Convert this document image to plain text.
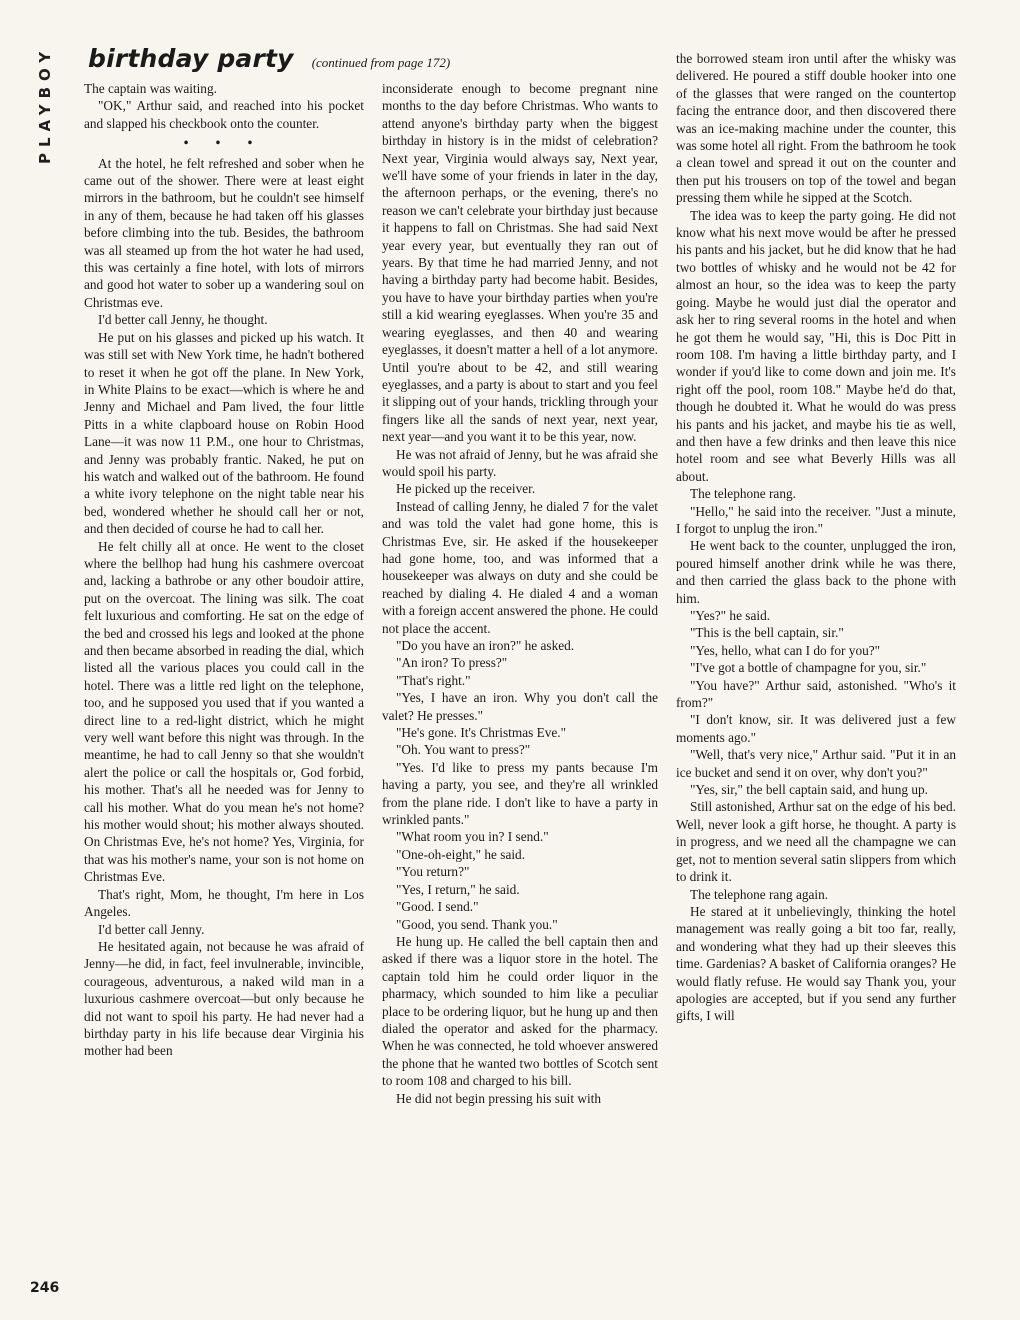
PLAYBOY birthday party (continued from page 172)

The captain was waiting.

"OK," Arthur said, and reached into his pocket and slapped his checkbook onto the counter.

• • •

At the hotel, he felt refreshed and sober when he came out of the shower. There were at least eight mirrors in the bathroom, but he couldn't see himself in any of them, because he had taken off his glasses before climbing into the tub. Besides, the bathroom was all steamed up from the hot water he had used, this was certainly a fine hotel, with lots of mirrors and good hot water to sober up a wandering soul on Christmas eve.

I'd better call Jenny, he thought.

He put on his glasses and picked up his watch. It was still set with New York time, he hadn't bothered to reset it when he got off the plane. In New York, in White Plains to be exact—which is where he and Jenny and Michael and Pam lived, the four little Pitts in a white clapboard house on Robin Hood Lane—it was now 11 P.M., one hour to Christmas, and Jenny was probably frantic. Naked, he put on his watch and walked out of the bathroom. He found a white ivory telephone on the night table near his bed, wondered whether he should call her or not, and then decided of course he had to call her.

He felt chilly all at once. He went to the closet where the bellhop had hung his cashmere overcoat and, lacking a bathrobe or any other boudoir attire, put on the overcoat. The lining was silk. The coat felt luxurious and comforting. He sat on the edge of the bed and crossed his legs and looked at the phone and then became absorbed in reading the dial, which listed all the various places you could call in the hotel. There was a little red light on the telephone, too, and he supposed you used that if you wanted a direct line to a red-light district, which he might very well want before this night was through. In the meantime, he had to call Jenny so that she wouldn't alert the police or call the hospitals or, God forbid, his mother. That's all he needed was for Jenny to call his mother. What do you mean he's not home? his mother would shout; his mother always shouted. On Christmas Eve, he's not home? Yes, Virginia, for that was his mother's name, your son is not home on Christmas Eve.

That's right, Mom, he thought, I'm here in Los Angeles.

I'd better call Jenny.

He hesitated again, not because he was afraid of Jenny—he did, in fact, feel invulnerable, invincible, courageous, adventurous, a naked wild man in a luxurious cashmere overcoat—but only because he did not want to spoil his party. He had never had a birthday party in his life because dear Virginia his mother had been

inconsiderate enough to become pregnant nine months to the day before Christmas. Who wants to attend anyone's birthday party when the biggest birthday in history is in the midst of celebration? Next year, Virginia would always say, Next year, we'll have some of your friends in later in the day, the afternoon perhaps, or the evening, there's no reason we can't celebrate your birthday just because it happens to fall on Christmas. She had said Next year every year, but eventually they ran out of years. By that time he had married Jenny, and not having a birthday party had become habit. Besides, you have to have your birthday parties when you're still a kid wearing eyeglasses. When you're 35 and wearing eyeglasses, and then 40 and wearing eyeglasses, it doesn't matter a hell of a lot anymore. Until you're about to be 42, and still wearing eyeglasses, and a party is about to start and you feel it slipping out of your hands, trickling through your fingers like all the sands of next year, next year, next year—and you want it to be this year, now.

He was not afraid of Jenny, but he was afraid she would spoil his party.

He picked up the receiver.

Instead of calling Jenny, he dialed 7 for the valet and was told the valet had gone home, this is Christmas Eve, sir. He asked if the housekeeper had gone home, too, and was informed that a housekeeper was always on duty and she could be reached by dialing 4. He dialed 4 and a woman with a foreign accent answered the phone. He could not place the accent.

"Do you have an iron?" he asked.

"An iron? To press?"

"That's right."

"Yes, I have an iron. Why you don't call the valet? He presses."

"He's gone. It's Christmas Eve."

"Oh. You want to press?"

"Yes. I'd like to press my pants because I'm having a party, you see, and they're all wrinkled from the plane ride. I don't like to have a party in wrinkled pants."

"What room you in? I send."

"One-oh-eight," he said.

"You return?"

"Yes, I return," he said.

"Good. I send."

"Good, you send. Thank you."

He hung up. He called the bell captain then and asked if there was a liquor store in the hotel. The captain told him he could order liquor in the pharmacy, which sounded to him like a peculiar place to be ordering liquor, but he hung up and then dialed the operator and asked for the pharmacy. When he was connected, he told whoever answered the phone that he wanted two bottles of Scotch sent to room 108 and charged to his bill.

He did not begin pressing his suit with

the borrowed steam iron until after the whisky was delivered. He poured a stiff double hooker into one of the glasses that were ranged on the countertop facing the entrance door, and then discovered there was an ice-making machine under the counter, this was some hotel all right. From the bathroom he took a clean towel and spread it out on the counter and then put his trousers on top of the towel and began pressing them while he sipped at the Scotch.

The idea was to keep the party going. He did not know what his next move would be after he pressed his pants and his jacket, but he did know that he had two bottles of whisky and he would not be 42 for almost an hour, so the idea was to keep the party going. Maybe he would just dial the operator and ask her to ring several rooms in the hotel and when he got them he would say, "Hi, this is Doc Pitt in room 108. I'm having a little birthday party, and I wonder if you'd like to come down and join me. It's right off the pool, room 108." Maybe he'd do that, though he doubted it. What he would do was press his pants and his jacket, and maybe his tie as well, and then have a few drinks and then leave this nice hotel room and see what Beverly Hills was all about.

The telephone rang.

"Hello," he said into the receiver. "Just a minute, I forgot to unplug the iron."

He went back to the counter, unplugged the iron, poured himself another drink while he was there, and then carried the glass back to the phone with him.

"Yes?" he said.

"This is the bell captain, sir."

"Yes, hello, what can I do for you?"

"I've got a bottle of champagne for you, sir."

"You have?" Arthur said, astonished. "Who's it from?"

"I don't know, sir. It was delivered just a few moments ago."

"Well, that's very nice," Arthur said. "Put it in an ice bucket and send it on over, why don't you?"

"Yes, sir," the bell captain said, and hung up.

Still astonished, Arthur sat on the edge of his bed. Well, never look a gift horse, he thought. A party is in progress, and we need all the champagne we can get, not to mention several satin slippers from which to drink it.

The telephone rang again.

He stared at it unbelievingly, thinking the hotel management was really going a bit too far, really, and wondering what they had up their sleeves this time. Gardenias? A basket of California oranges? He would flatly refuse. He would say Thank you, your apologies are accepted, but if you send any further gifts, I will

246
